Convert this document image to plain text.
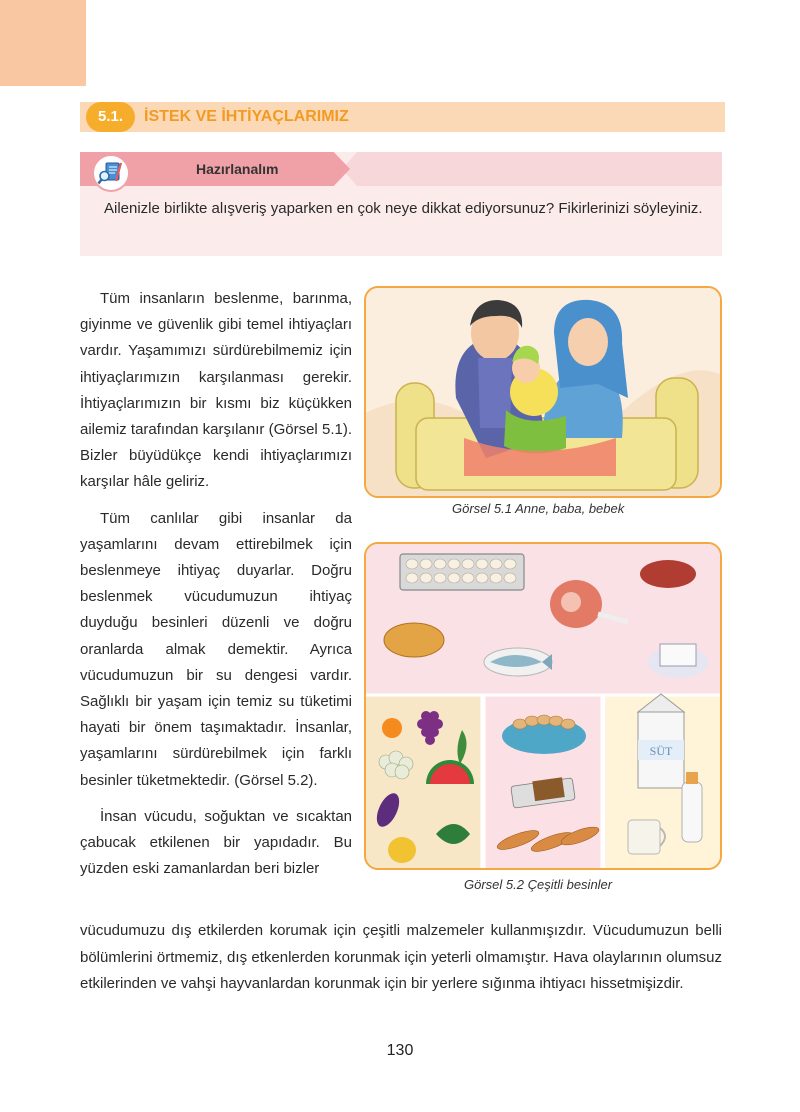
5.1.	İSTEK VE İHTİYAÇLARIMIZ
Hazırlanalım

Ailenizle birlikte alışveriş yaparken en çok neye dikkat ediyorsunuz? Fikirlerinizi söyleyiniz.

Tüm insanların beslenme, barınma, giyinme ve güvenlik gibi temel ihtiyaçları vardır. Yaşamımızı sürdürebilmemiz için ihtiyaçlarımızın karşılanması gerekir. İhtiyaçlarımızın bir kısmı biz küçükken ailemiz tarafından karşılanır (Görsel 5.1). Bizler büyüdükçe kendi ihtiyaçlarımızı karşılar hâle geliriz.

Tüm canlılar gibi insanlar da yaşamlarını devam ettirebilmek için beslenmeye ihtiyaç duyarlar. Doğru beslenmek vücudumuzun ihtiyaç duyduğu besinleri düzenli ve doğru oranlarda almak demektir. Ayrıca vücudumuzun bir su dengesi vardır. Sağlıklı bir yaşam için temiz su tüketimi hayati bir önem taşımaktadır. İnsanlar, yaşamlarını sürdürebilmek için farklı besinler tüketmektedir. (Görsel 5.2).

İnsan vücudu, soğuktan ve sıcaktan çabucak etkilenen bir yapıdadır. Bu yüzden eski zamanlardan beri bizler

vücudumuzu dış etkilerden korumak için çeşitli malzemeler kullanmışızdır. Vücudumuzun belli bölümlerini örtmemiz, dış etkenlerden korunmak için yeterli olmamıştır. Hava olaylarının olumsuz etkilerinden ve vahşi hayvanlardan korunmak için bir yerlere sığınma ihtiyacı hissetmişizdir.

Görsel 5.1 Anne, baba, bebek
SÜT
Görsel 5.2 Çeşitli besinler
130
